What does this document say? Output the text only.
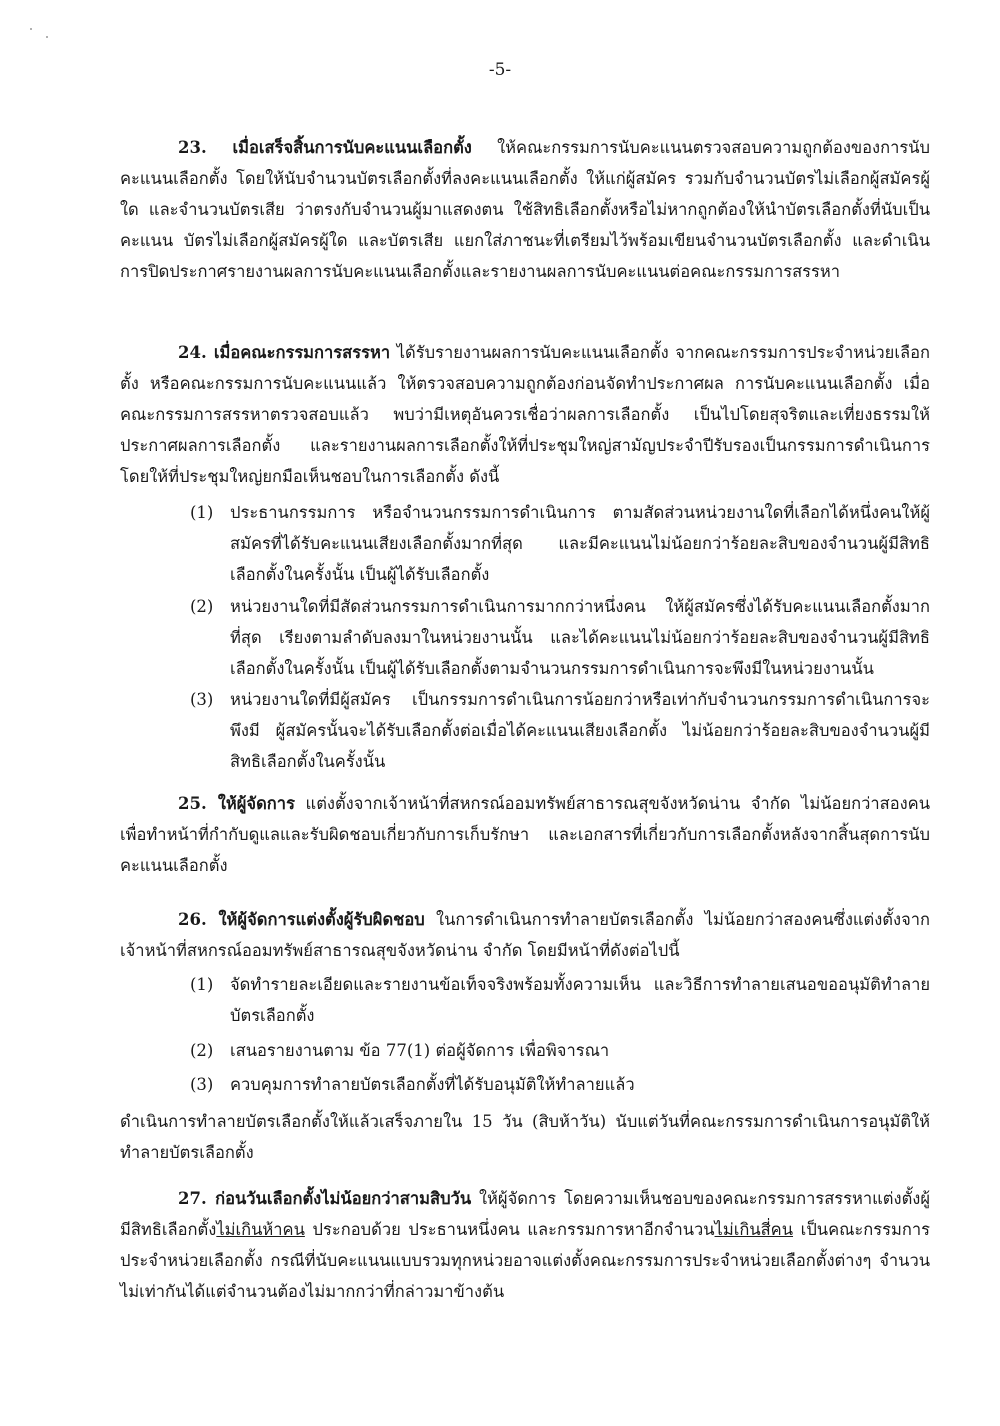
-5-
23. เมื่อเสร็จสิ้นการนับคะแนนเลือกตั้ง ให้คณะกรรมการนับคะแนนตรวจสอบความถูกต้องของการนับคะแนนเลือกตั้ง โดยให้นับจำนวนบัตรเลือกตั้งที่ลงคะแนนเลือกตั้ง ให้แก่ผู้สมัคร รวมกับจำนวนบัตรไม่เลือกผู้สมัครผู้ใด และจำนวนบัตรเสีย ว่าตรงกับจำนวนผู้มาแสดงตน ใช้สิทธิเลือกตั้งหรือไม่หากถูกต้องให้นำบัตรเลือกตั้งที่นับเป็นคะแนน บัตรไม่เลือกผู้สมัครผู้ใด และบัตรเสีย แยกใส่ภาชนะที่เตรียมไว้พร้อมเขียนจำนวนบัตรเลือกตั้ง และดำเนินการปิดประกาศรายงานผลการนับคะแนนเลือกตั้งและรายงานผลการนับคะแนนต่อคณะกรรมการสรรหา
24. เมื่อคณะกรรมการสรรหา ได้รับรายงานผลการนับคะแนนเลือกตั้ง จากคณะกรรมการประจำหน่วยเลือกตั้ง หรือคณะกรรมการนับคะแนนแล้ว ให้ตรวจสอบความถูกต้องก่อนจัดทำประกาศผล การนับคะแนนเลือกตั้ง เมื่อคณะกรรมการสรรหาตรวจสอบแล้ว พบว่ามีเหตุอันควรเชื่อว่าผลการเลือกตั้ง เป็นไปโดยสุจริตและเที่ยงธรรมให้ประกาศผลการเลือกตั้ง และรายงานผลการเลือกตั้งให้ที่ประชุมใหญ่สามัญประจำปีรับรองเป็นกรรมการดำเนินการ โดยให้ที่ประชุมใหญ่ยกมือเห็นชอบในการเลือกตั้ง ดังนี้
(1) ประธานกรรมการ หรือจำนวนกรรมการดำเนินการ ตามสัดส่วนหน่วยงานใดที่เลือกได้หนึ่งคนให้ผู้สมัครที่ได้รับคะแนนเสียงเลือกตั้งมากที่สุด และมีคะแนนไม่น้อยกว่าร้อยละสิบของจำนวนผู้มีสิทธิเลือกตั้งในครั้งนั้น เป็นผู้ได้รับเลือกตั้ง
(2) หน่วยงานใดที่มีสัดส่วนกรรมการดำเนินการมากกว่าหนึ่งคน ให้ผู้สมัครซึ่งได้รับคะแนนเลือกตั้งมากที่สุด เรียงตามลำดับลงมาในหน่วยงานนั้น และได้คะแนนไม่น้อยกว่าร้อยละสิบของจำนวนผู้มีสิทธิเลือกตั้งในครั้งนั้น เป็นผู้ได้รับเลือกตั้งตามจำนวนกรรมการดำเนินการจะพึงมีในหน่วยงานนั้น
(3) หน่วยงานใดที่มีผู้สมัคร เป็นกรรมการดำเนินการน้อยกว่าหรือเท่ากับจำนวนกรรมการดำเนินการจะพึงมี ผู้สมัครนั้นจะได้รับเลือกตั้งต่อเมื่อได้คะแนนเสียงเลือกตั้ง ไม่น้อยกว่าร้อยละสิบของจำนวนผู้มีสิทธิเลือกตั้งในครั้งนั้น
25. ให้ผู้จัดการ แต่งตั้งจากเจ้าหน้าที่สหกรณ์ออมทรัพย์สาธารณสุขจังหวัดน่าน จำกัด ไม่น้อยกว่าสองคน เพื่อทำหน้าที่กำกับดูแลและรับผิดชอบเกี่ยวกับการเก็บรักษา และเอกสารที่เกี่ยวกับการเลือกตั้งหลังจากสิ้นสุดการนับคะแนนเลือกตั้ง
26. ให้ผู้จัดการแต่งตั้งผู้รับผิดชอบ ในการดำเนินการทำลายบัตรเลือกตั้ง ไม่น้อยกว่าสองคนซึ่งแต่งตั้งจากเจ้าหน้าที่สหกรณ์ออมทรัพย์สาธารณสุขจังหวัดน่าน จำกัด โดยมีหน้าที่ดังต่อไปนี้
(1) จัดทำรายละเอียดและรายงานข้อเท็จจริงพร้อมทั้งความเห็น และวิธีการทำลายเสนอขออนุมัติทำลายบัตรเลือกตั้ง
(2) เสนอรายงานตาม ข้อ 77(1) ต่อผู้จัดการ เพื่อพิจารณา
(3) ควบคุมการทำลายบัตรเลือกตั้งที่ได้รับอนุมัติให้ทำลายแล้ว
ดำเนินการทำลายบัตรเลือกตั้งให้แล้วเสร็จภายใน 15 วัน (สิบห้าวัน) นับแต่วันที่คณะกรรมการดำเนินการอนุมัติให้ทำลายบัตรเลือกตั้ง
27. ก่อนวันเลือกตั้งไม่น้อยกว่าสามสิบวัน ให้ผู้จัดการ โดยความเห็นชอบของคณะกรรมการสรรหาแต่งตั้งผู้มีสิทธิเลือกตั้งไม่เกินห้าคน ประกอบด้วย ประธานหนึ่งคน และกรรมการหาอีกจำนวนไม่เกินสี่คน เป็นคณะกรรมการประจำหน่วยเลือกตั้ง กรณีที่นับคะแนนแบบรวมทุกหน่วยอาจแต่งตั้งคณะกรรมการประจำหน่วยเลือกตั้งต่างๆ จำนวนไม่เท่ากันได้แต่จำนวนต้องไม่มากกว่าที่กล่าวมาข้างต้น
